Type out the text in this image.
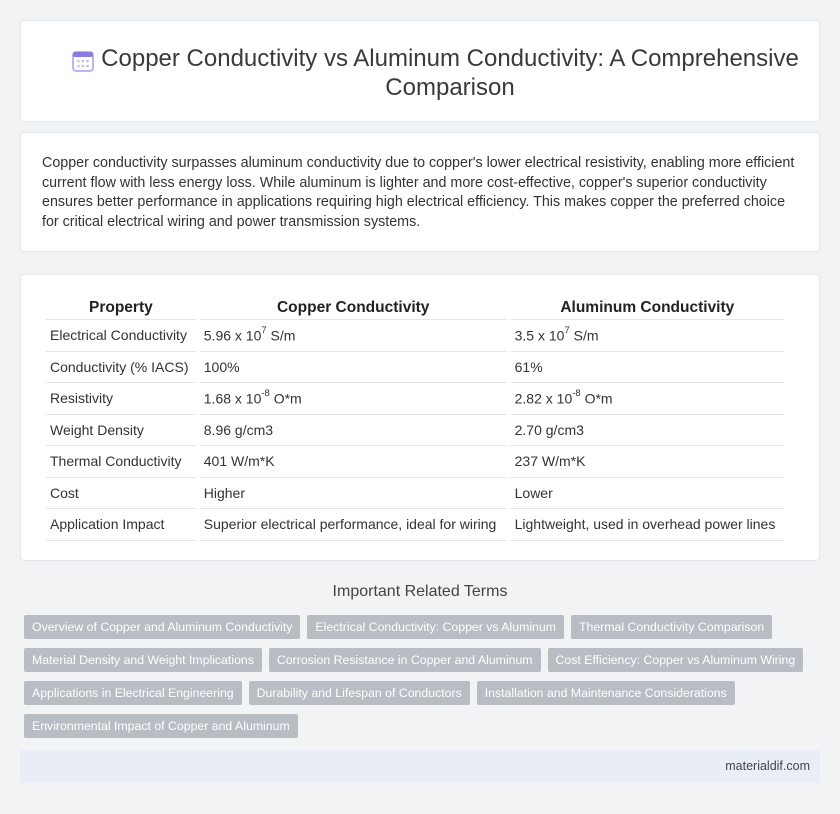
Copper Conductivity vs Aluminum Conductivity: A Comprehensive Comparison

Copper conductivity surpasses aluminum conductivity due to copper's lower electrical resistivity, enabling more efficient current flow with less energy loss. While aluminum is lighter and more cost-effective, copper's superior conductivity ensures better performance in applications requiring high electrical efficiency. This makes copper the preferred choice for critical electrical wiring and power transmission systems.

Property	Copper Conductivity	Aluminum Conductivity
Electrical Conductivity	5.96 x $10^7$ S/m	3.5 x $10^7$ S/m
Conductivity (% IACS)	100%	61%
Resistivity	1.68 x $10^{-8}$ O*m	2.82 x $10^{-8}$ O*m
Weight Density	8.96 g/cm3	2.70 g/cm3
Thermal Conductivity	401 W/m*K	237 W/m*K
Cost	Higher	Lower
Application Impact	Superior electrical performance, ideal for wiring	Lightweight, used in overhead power lines
Important Related Terms
Overview of Copper and Aluminum Conductivity	Electrical Conductivity: Copper vs Aluminum	Thermal Conductivity Comparison
Material Density and Weight Implications	Corrosion Resistance in Copper and Aluminum	Cost Efficiency: Copper vs Aluminum Wiring
Applications in Electrical Engineering	Durability and Lifespan of Conductors	Installation and Maintenance Considerations
Environmental Impact of Copper and Aluminum
materialdif.com
